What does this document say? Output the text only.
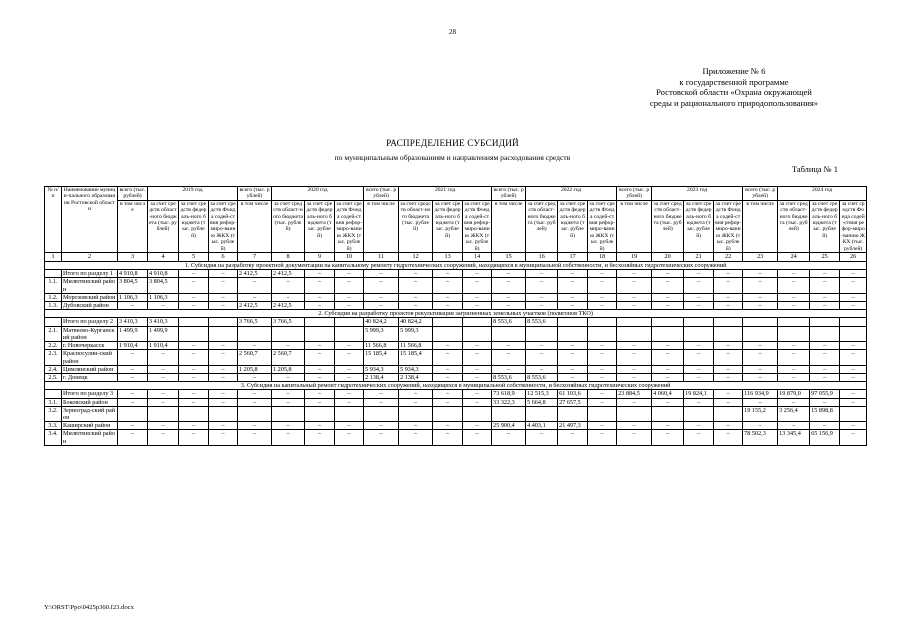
28
Приложение № 6
к государственной программе
Ростовской области «Охрана окружающей
среды и рационального природопользования»
РАСПРЕДЕЛЕНИЕ СУБСИДИЙ
по муниципальным образованиям и направлениям расходования средств
Таблица № 1
№ п/п	Наименование муници-пального образования Ростовской области	всего (тыс. рублей)	2019 год			всего (тыс. рублей)	2020 год			всего (тыс. рублей)	2021 год			всего (тыс. рублей)	2022 год			всего (тыс. рублей)	2023 год			всего (тыс. рублей)	2024 год		
		в том числе	за счет средств област-ного бюджета (тыс. рублей)	за счет средств федераль-ного бюджета (тыс. рублей)	за счет средств Фонда содей-ствия рефор-миро-ванию ЖКХ (тыс. рублей)	в том числе	за счет средств област-ного бюджета (тыс. рублей)	за счет средств федераль-ного бюджета (тыс. рублей)	за счет средств Фонда содей-ствия рефор-миро-ванию ЖКХ (тыс. рублей)	в том числе	за счет средств област-ного бюджета (тыс. рублей)	за счет средств федераль-ного бюджета (тыс. рублей)	за счет средств Фонда содей-ствия рефор-миро-ванию ЖКХ (тыс. рублей)	в том числе	за счет средств област-ного бюджета (тыс. рублей)	за счет средств федераль-ного бюджета (тыс. рублей)	за счет средств Фонда содей-ствия рефор-миро-ванию ЖКХ (тыс. рублей)	в том числе	за счет средств област-ного бюджета (тыс. рублей)	за счет средств федераль-ного бюджета (тыс. рублей)	за счет средств Фонда содей-ствия рефор-миро-ванию ЖКХ (тыс. рублей)	в том числе	за счет средств област-ного бюджета (тыс. рублей)	за счет средств федераль-ного бюджета (тыс. рублей)	за счет средств Фонда содей-ствия рефор-миро-ванию ЖКХ (тыс. рублей)
1	2	3	4	5	6	7	8	9	10	11	12	13	14	15	16	17	18	19	20	21	22	23	24	25	26
1. Субсидия на разработку проектной документации на капитальному ремонту гидротехнических сооружений, находящихся в муниципальной собственности, и бесхозяйных гидротехнических сооружений																									
	Итого по разделу 1	4 910,8	4 910,8	–	–	2 412,5	2 412,5	–	–	–	–	–	–	–	–	–	–	–	–	–	–	–	–	–	–
1.1.	Милютинский район	3 804,5	3 804,5	–	–	–	–	–	–	–	–	–	–	–	–	–	–	–	–	–	–	–	–	–	–
1.2.	Морозовский район	1 106,3	1 106,3	–	–	–	–	–	–	–	–	–	–	–	–	–	–	–	–	–	–	–	–	–	–
1.3.	Дубовский район	–	–	–	–	2 412,5	2 412,5	–	–	–	–	–	–	–	–	–	–	–	–	–	–	–	–	–	–
2. Субсидия на разработку проектов рекультивации загрязненных земельных участков (полигонов ТКО)																									
	Итого по разделу 2	3 410,3	3 410,3			3 766,5	3 766,5			40 824,2	40 824,2			8 553,6	8 553,6										
2.1.	Матвеево-Курганский район	1 499,9	1 499,9							5 999,3	5 999,3														
2.2.	г. Новочеркасск	1 910,4	1 910,4	–	–	–	–	–	–	11 566,8	11 566,8	–	–	–	–	–	–	–	–	–	–	–	–	–	–
2.3.	Красносулин-ский район	–	–	–	–	2 560,7	2 560,7	–	–	15 185,4	15 185,4	–	–	–	–	–	–	–	–	–	–	–	–	–	–
2.4.	Цимлянский район	–	–	–	–	1 205,8	1 205,8	–	–	5 934,3	5 934,3	–	–	–	–	–	–	–	–	–	–	–	–	–	–
2.5.	г. Донецк	–	–	–	–	–	–	–	–	2 138,4	2 138,4	–	–	8 553,6	8 553,6	–	–	–	–	–	–	–	–	–	–
3. Субсидия на капитальный ремонт гидротехнических сооружений, находящихся в муниципальной собственности, и бесхозяйных гидротехнических сооружений																									
	Итого по разделу 3	–	–	–	–	–	–	–	–	–	–	–	–	73 618,9	12 515,3	61 103,6	–	23 884,5	4 060,4	19 824,1	–	116 934,9	19 879,0	97 055,9	–
3.1.	Боковский район	–	–	–	–	–	–	–	–	–	–	–	–	33 322,3	5 664,8	27 657,5	–	–	–	–	–	–	–	–	–
3.2.	Зерноград-ский район																					19 155,2	3 256,4	15 898,8	
3.3.	Каширский район	–	–	–	–	–	–	–	–	–	–	–	–	25 900,4	4 403,1	21 497,3	–	–	–	–	–	–	–	–	–
3.4.	Милютинский район	–	–	–	–	–	–	–	–	–	–	–	–	–	–	–	–	–	–	–	–	78 502,3	13 345,4	65 156,9	–
Y:\ORST\Ppo\0425p360.f23.docx
